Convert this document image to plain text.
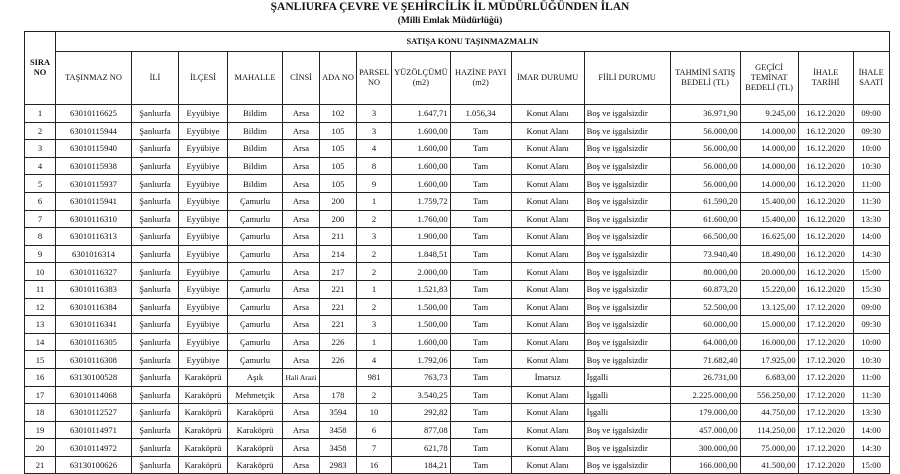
ŞANLIURFA ÇEVRE VE ŞEHİRCİLİK İL MÜDÜRLÜĞÜNDEN İLAN
(Milli Emlak Müdürlüğü)
SIRA NO	SATIŞA KONU TAŞINMAZMALIN														
	TAŞINMAZ NO	İLİ	İLÇESİ	MAHALLE	CİNSİ	ADA NO	PARSEL NO	YÜZÖLÇÜMÜ (m2)	HAZİNE PAYI (m2)	İMAR DURUMU	FİİLİ DURUMU	TAHMİNİ SATIŞ BEDELİ (TL)	GEÇİCİ TEMİNAT BEDELİ (TL)	İHALE TARİHİ	İHALE SAATİ
1	63010116625	Şanlıurfa	Eyyübiye	Bildim	Arsa	102	3	1.647,71	1.056,34	Konut Alanı	Boş ve işgalsizdir	36.971,90	9.245,00	16.12.2020	09:00
2	63010115944	Şanlıurfa	Eyyübiye	Bildim	Arsa	105	3	1.600,00	Tam	Konut Alanı	Boş ve işgalsizdir	56.000,00	14.000,00	16.12.2020	09:30
3	63010115940	Şanlıurfa	Eyyübiye	Bildim	Arsa	105	4	1.600,00	Tam	Konut Alanı	Boş ve işgalsizdir	56.000,00	14.000,00	16.12.2020	10:00
4	63010115938	Şanlıurfa	Eyyübiye	Bildim	Arsa	105	8	1.600,00	Tam	Konut Alanı	Boş ve işgalsizdir	56.000,00	14.000,00	16.12.2020	10:30
5	63010115937	Şanlıurfa	Eyyübiye	Bildim	Arsa	105	9	1.600,00	Tam	Konut Alanı	Boş ve işgalsizdir	56.000,00	14.000,00	16.12.2020	11:00
6	63010115941	Şanlıurfa	Eyyübiye	Çamurlu	Arsa	200	1	1.759,72	Tam	Konut Alanı	Boş ve işgalsizdir	61.590,20	15.400,00	16.12.2020	11:30
7	63010116310	Şanlıurfa	Eyyübiye	Çamurlu	Arsa	200	2	1.760,00	Tam	Konut Alanı	Boş ve işgalsizdir	61.600,00	15.400,00	16.12.2020	13:30
8	63010116313	Şanlıurfa	Eyyübiye	Çamurlu	Arsa	211	3	1.900,00	Tam	Konut Alanı	Boş ve işgalsizdir	66.500,00	16.625,00	16.12.2020	14:00
9	6301016314	Şanlıurfa	Eyyübiye	Çamurlu	Arsa	214	2	1.848,51	Tam	Konut Alanı	Boş ve işgalsizdir	73.940,40	18.490,00	16.12.2020	14:30
10	63010116327	Şanlıurfa	Eyyübiye	Çamurlu	Arsa	217	2	2.000,00	Tam	Konut Alanı	Boş ve işgalsizdir	80.000,00	20.000,00	16.12.2020	15:00
11	63010116383	Şanlıurfa	Eyyübiye	Çamurlu	Arsa	221	1	1.521,83	Tam	Konut Alanı	Boş ve işgalsizdir	60.873,20	15.220,00	16.12.2020	15:30
12	63010116384	Şanlıurfa	Eyyübiye	Çamurlu	Arsa	221	2	1.500,00	Tam	Konut Alanı	Boş ve işgalsizdir	52.500,00	13.125,00	17.12.2020	09:00
13	63010116341	Şanlıurfa	Eyyübiye	Çamurlu	Arsa	221	3	1.500,00	Tam	Konut Alanı	Boş ve işgalsizdir	60.000,00	15.000,00	17.12.2020	09:30
14	63010116305	Şanlıurfa	Eyyübiye	Çamurlu	Arsa	226	1	1.600,00	Tam	Konut Alanı	Boş ve işgalsizdir	64.000,00	16.000,00	17.12.2020	10:00
15	63010116308	Şanlıurfa	Eyyübiye	Çamurlu	Arsa	226	4	1.792,06	Tam	Konut Alanı	Boş ve işgalsizdir	71.682,40	17.925,00	17.12.2020	10:30
16	63130100528	Şanlıurfa	Karaköprü	Aşık	Hali Arazi		981	763,73	Tam	İmarsız	İşgalli	26.731,00	6.683,00	17.12.2020	11:00
17	63010114068	Şanlıurfa	Karaköprü	Mehmetçik	Arsa	178	2	3.540,25	Tam	Konut Alanı	İşgalli	2.225.000,00	556.250,00	17.12.2020	11:30
18	63010112527	Şanlıurfa	Karaköprü	Karaköprü	Arsa	3594	10	292,82	Tam	Konut Alanı	İşgalli	179.000,00	44.750,00	17.12.2020	13:30
19	63010114971	Şanlıurfa	Karaköprü	Karaköprü	Arsa	3458	6	877,08	Tam	Konut Alanı	Boş ve işgalsizdir	457.000,00	114.250,00	17.12.2020	14:00
20	63010114972	Şanlıurfa	Karaköprü	Karaköprü	Arsa	3458	7	621,78	Tam	Konut Alanı	Boş ve işgalsizdir	300.000,00	75.000,00	17.12.2020	14:30
21	63130100626	Şanlıurfa	Karaköprü	Karaköprü	Arsa	2983	16	184,21	Tam	Konut Alanı	Boş ve işgalsizdir	166.000,00	41.500,00	17.12.2020	15:00
